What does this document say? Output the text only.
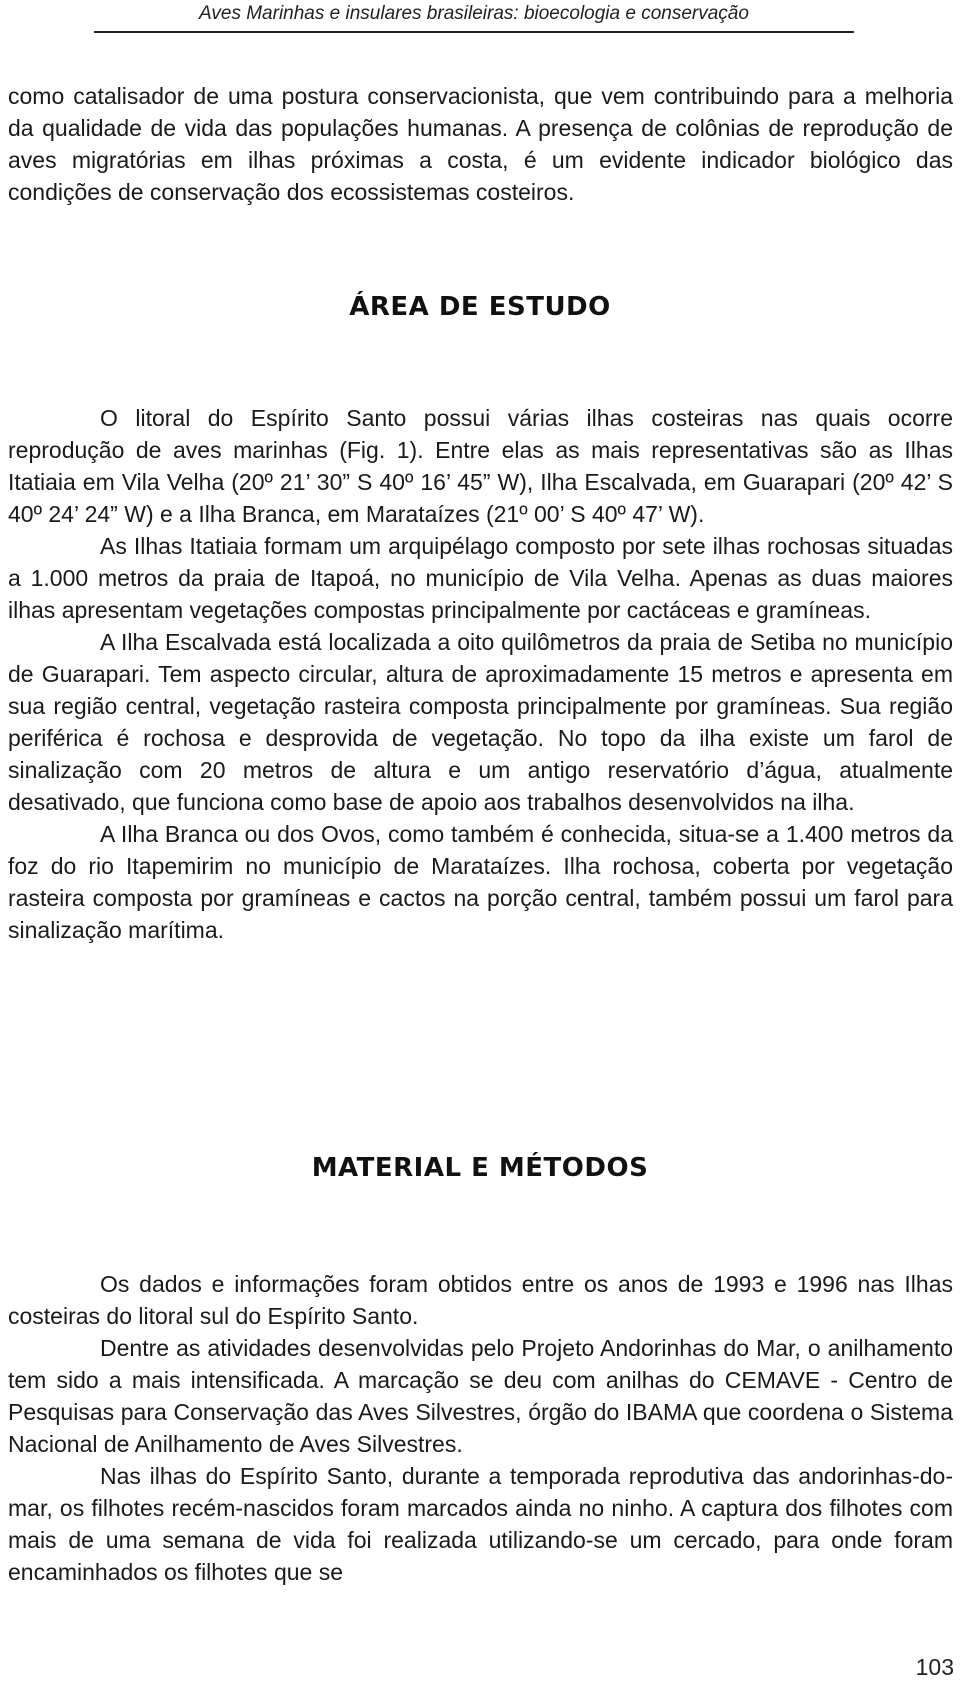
Aves Marinhas e insulares brasileiras: bioecologia e conservação

como catalisador de uma postura conservacionista, que vem contribuindo para a melhoria da qualidade de vida das populações humanas. A presença de colônias de reprodução de aves migratórias em ilhas próximas a costa, é um evidente indicador biológico das condições de conservação dos ecossistemas costeiros.

ÁREA DE ESTUDO

O litoral do Espírito Santo possui várias ilhas costeiras nas quais ocorre reprodução de aves marinhas (Fig. 1). Entre elas as mais representativas são as Ilhas Itatiaia em Vila Velha (20º 21’ 30” S 40º 16’ 45” W), Ilha Escalvada, em Guarapari (20º 42’ S 40º 24’ 24” W) e a Ilha Branca, em Marataízes (21º 00’ S 40º 47’ W).

As Ilhas Itatiaia formam um arquipélago composto por sete ilhas rochosas situadas a 1.000 metros da praia de Itapoá, no município de Vila Velha. Apenas as duas maiores ilhas apresentam vegetações compostas principalmente por cactáceas e gramíneas.

A Ilha Escalvada está localizada a oito quilômetros da praia de Setiba no município de Guarapari. Tem aspecto circular, altura de aproximadamente 15 metros e apresenta em sua região central, vegetação rasteira composta principalmente por gramíneas. Sua região periférica é rochosa e desprovida de vegetação. No topo da ilha existe um farol de sinalização com 20 metros de altura e um antigo reservatório d’água, atualmente desativado, que funciona como base de apoio aos trabalhos desenvolvidos na ilha.

A Ilha Branca ou dos Ovos, como também é conhecida, situa-se a 1.400 metros da foz do rio Itapemirim no município de Marataízes. Ilha rochosa, coberta por vegetação rasteira composta por gramíneas e cactos na porção central, também possui um farol para sinalização marítima.

MATERIAL E MÉTODOS

Os dados e informações foram obtidos entre os anos de 1993 e 1996 nas Ilhas costeiras do litoral sul do Espírito Santo.

Dentre as atividades desenvolvidas pelo Projeto Andorinhas do Mar, o anilhamento tem sido a mais intensificada. A marcação se deu com anilhas do CEMAVE - Centro de Pesquisas para Conservação das Aves Silvestres, órgão do IBAMA que coordena o Sistema Nacional de Anilhamento de Aves Silvestres.

Nas ilhas do Espírito Santo, durante a temporada reprodutiva das andorinhas-do-mar, os filhotes recém-nascidos foram marcados ainda no ninho. A captura dos filhotes com mais de uma semana de vida foi realizada utilizando-se um cercado, para onde foram encaminhados os filhotes que se

103
